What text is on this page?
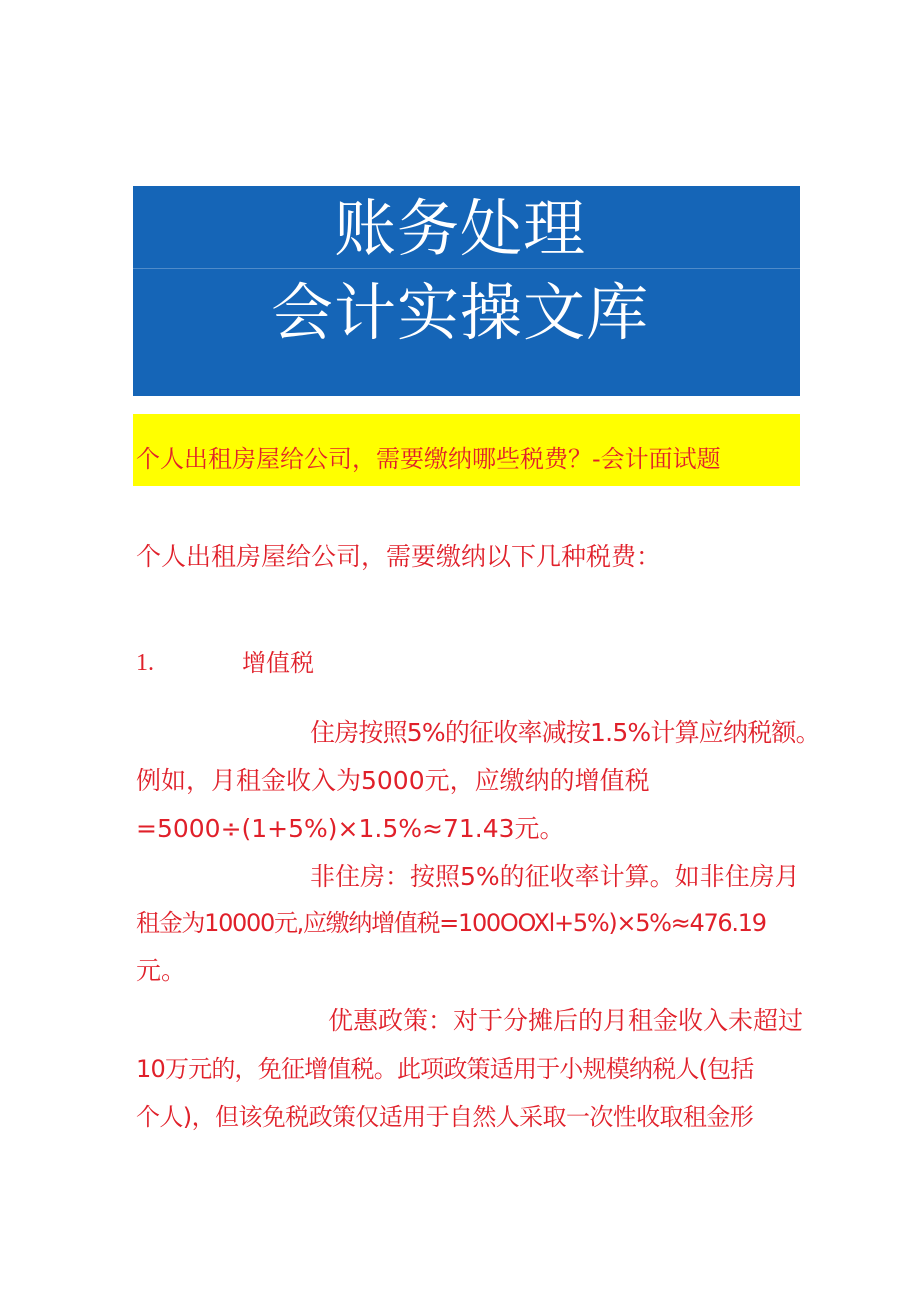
账务处理
会计实操文库
个人出租房屋给公司，需要缴纳哪些税费？-会计面试题
个人出租房屋给公司，需要缴纳以下几种税费：
1.	增值税
住房按照5%的征收率减按1.5%计算应纳税额。
例如，月租金收入为5000元，应缴纳的增值税
=5000÷(1+5%)×1.5%≈71.43元。
非住房：按照5%的征收率计算。如非住房月
租金为10000元,应缴纳增值税=100OOXl+5%)×5%≈476.19
元。
优惠政策：对于分摊后的月租金收入未超过
10万元的，免征增值税。此项政策适用于小规模纳税人(包括
个人)，但该免税政策仅适用于自然人采取一次性收取租金形
